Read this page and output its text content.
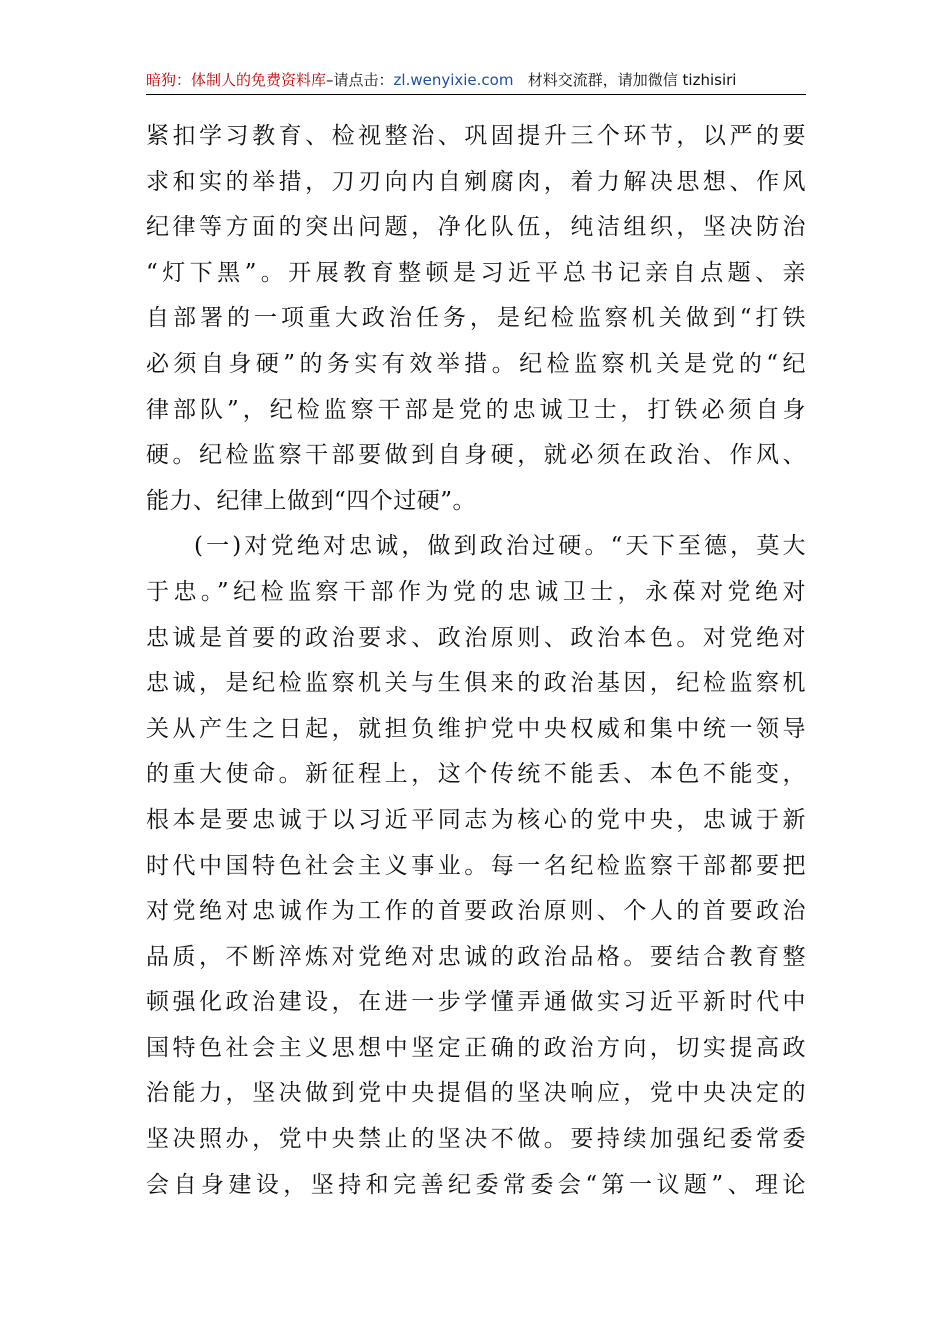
暗狗：体制人的免费资料库–请点击：zl.wenyixie.com 材料交流群，请加微信 tizhisiri
紧扣学习教育、检视整治、巩固提升三个环节，以严的要
求和实的举措，刀刃向内自剜腐肉，着力解决思想、作风
纪律等方面的突出问题，净化队伍，纯洁组织，坚决防治
“灯下黑”。开展教育整顿是习近平总书记亲自点题、亲
自部署的一项重大政治任务，是纪检监察机关做到“打铁
必须自身硬”的务实有效举措。纪检监察机关是党的“纪
律部队”，纪检监察干部是党的忠诚卫士，打铁必须自身
硬。纪检监察干部要做到自身硬，就必须在政治、作风、
能力、纪律上做到“四个过硬”。
(一)对党绝对忠诚，做到政治过硬。“天下至德，莫大
于忠。”纪检监察干部作为党的忠诚卫士，永葆对党绝对
忠诚是首要的政治要求、政治原则、政治本色。对党绝对
忠诚，是纪检监察机关与生俱来的政治基因，纪检监察机
关从产生之日起，就担负维护党中央权威和集中统一领导
的重大使命。新征程上，这个传统不能丢、本色不能变，
根本是要忠诚于以习近平同志为核心的党中央，忠诚于新
时代中国特色社会主义事业。每一名纪检监察干部都要把
对党绝对忠诚作为工作的首要政治原则、个人的首要政治
品质，不断淬炼对党绝对忠诚的政治品格。要结合教育整
顿强化政治建设，在进一步学懂弄通做实习近平新时代中
国特色社会主义思想中坚定正确的政治方向，切实提高政
治能力，坚决做到党中央提倡的坚决响应，党中央决定的
坚决照办，党中央禁止的坚决不做。要持续加强纪委常委
会自身建设，坚持和完善纪委常委会“第一议题”、理论
